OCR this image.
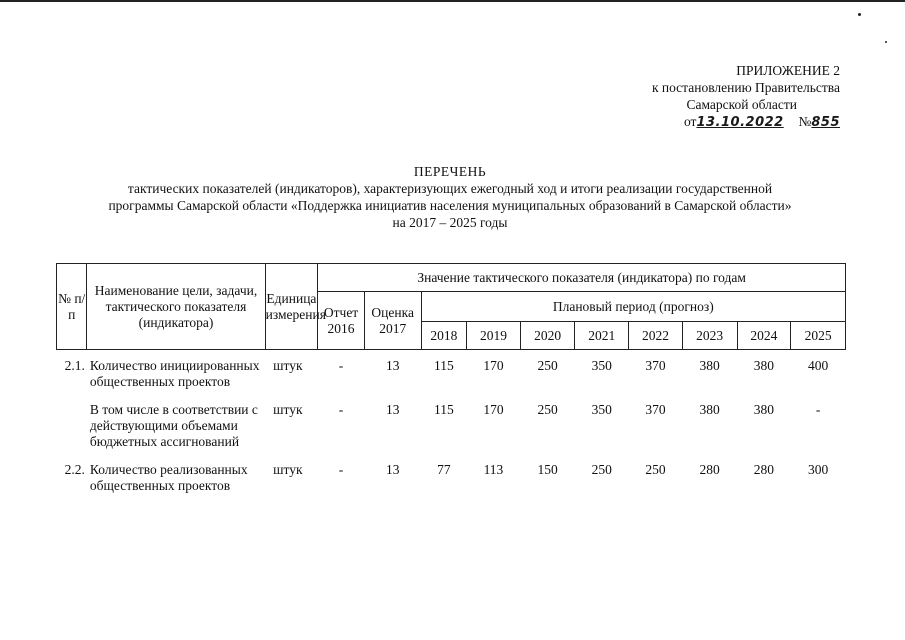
ПРИЛОЖЕНИЕ 2
к постановлению Правительства
Самарской области
от13.10.2022 №855
ПЕРЕЧЕНЬ
тактических показателей (индикаторов), характеризующих ежегодный ход и итоги реализации государственной
программы Самарской области «Поддержка инициатив населения муниципальных образований в Самарской области»
на 2017 – 2025 годы
№ п/п	Наименование цели, задачи, тактического показателя (индикатора)	Единица измерения	Значение тактического показателя (индикатора) по годам									
			Отчет 2016	Оценка 2017	Плановый период (прогноз)							
					2018	2019	2020	2021	2022	2023	2024	2025

2.1.	Количество инициированных общественных проектов	штук	-	13	115	170	250	350	370	380	380	400

	В том числе в соответствии с действующими объемами бюджетных ассигнований	штук	-	13	115	170	250	350	370	380	380	-

2.2.	Количество реализованных общественных проектов	штук	-	13	77	113	150	250	250	280	280	300
